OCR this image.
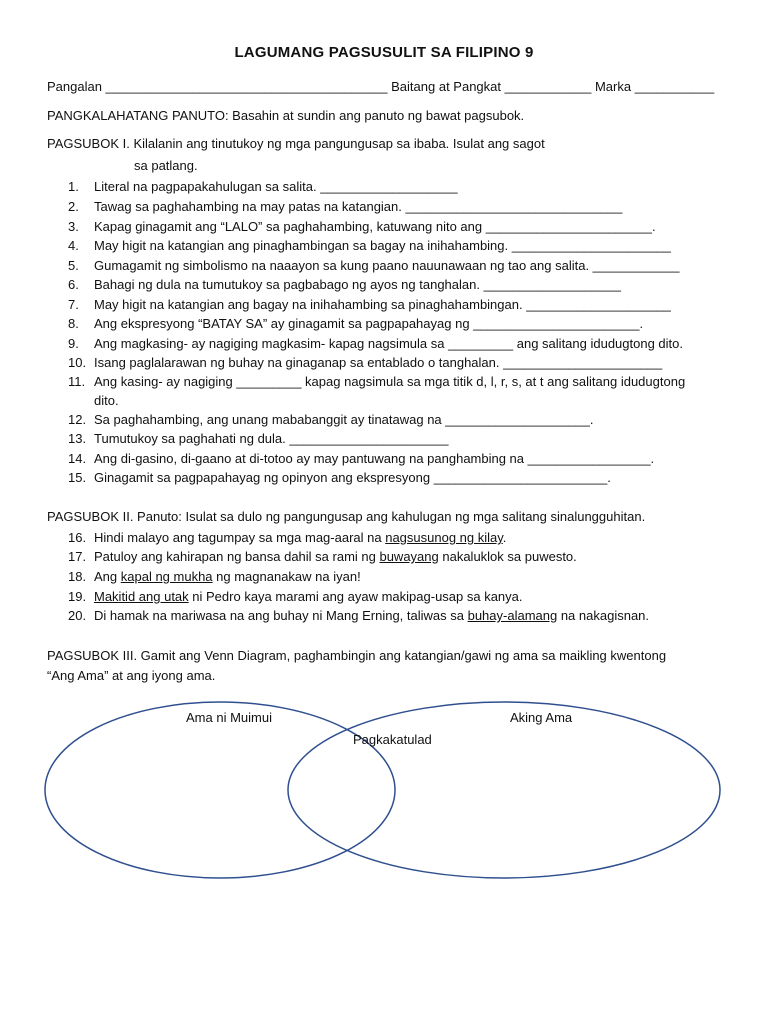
LAGUMANG PAGSUSULIT SA FILIPINO 9
Pangalan _______________________________________ Baitang at Pangkat ____________ Marka ___________
PANGKALAHATANG PANUTO: Basahin at sundin ang panuto ng bawat pagsubok.
PAGSUBOK I. Kilalanin ang tinutukoy ng mga pangungusap sa ibaba. Isulat ang sagot
sa patlang.
1.	Literal na pagpapakahulugan sa salita. ___________________
2.	Tawag sa paghahambing na may patas na katangian. ______________________________
3.	Kapag ginagamit ang “LALO” sa paghahambing, katuwang nito ang _______________________.
4.	May higit na katangian ang pinaghambingan sa bagay na inihahambing. ______________________
5.	Gumagamit ng simbolismo na naaayon sa kung paano nauunawaan ng tao ang salita. ____________
6.	Bahagi ng dula na tumutukoy sa pagbabago ng ayos ng tanghalan. ___________________
7.	May higit na katangian ang bagay na inihahambing sa pinaghahambingan. ____________________
8.	Ang ekspresyong “BATAY SA” ay ginagamit sa pagpapahayag ng _______________________.
9.	Ang magkasing- ay nagiging magkasim- kapag nagsimula sa _________ ang salitang idudugtong dito.
10. Isang paglalarawan ng buhay na ginaganap sa entablado o tanghalan. ______________________
11. Ang kasing- ay nagiging _________ kapag nagsimula sa mga titik d, l, r, s, at t ang salitang idudugtong
dito.
12. Sa paghahambing, ang unang mababanggit ay tinatawag na ____________________.
13. Tumutukoy sa paghahati ng dula. ______________________
14. Ang di-gasino, di-gaano at di-totoo ay may pantuwang na panghambing na _________________.
15. Ginagamit sa pagpapahayag ng opinyon ang ekspresyong ________________________.
PAGSUBOK II. Panuto: Isulat sa dulo ng pangungusap ang kahulugan ng mga salitang sinalungguhitan.
16. Hindi malayo ang tagumpay sa mga mag-aaral na nagsusunog ng kilay.
17. Patuloy ang kahirapan ng bansa dahil sa rami ng buwayang nakaluklok sa puwesto.
18. Ang kapal ng mukha ng magnanakaw na iyan!
19. Makitid ang utak ni Pedro kaya marami ang ayaw makipag-usap sa kanya.
20. Di hamak na mariwasa na ang buhay ni Mang Erning, taliwas sa buhay-alamang na nakagisnan.
PAGSUBOK III. Gamit ang Venn Diagram, paghambingin ang katangian/gawi ng ama sa maikling kwentong
“Ang Ama” at ang iyong ama.
Ama ni Muimui	Aking Ama
Pagkakatulad
